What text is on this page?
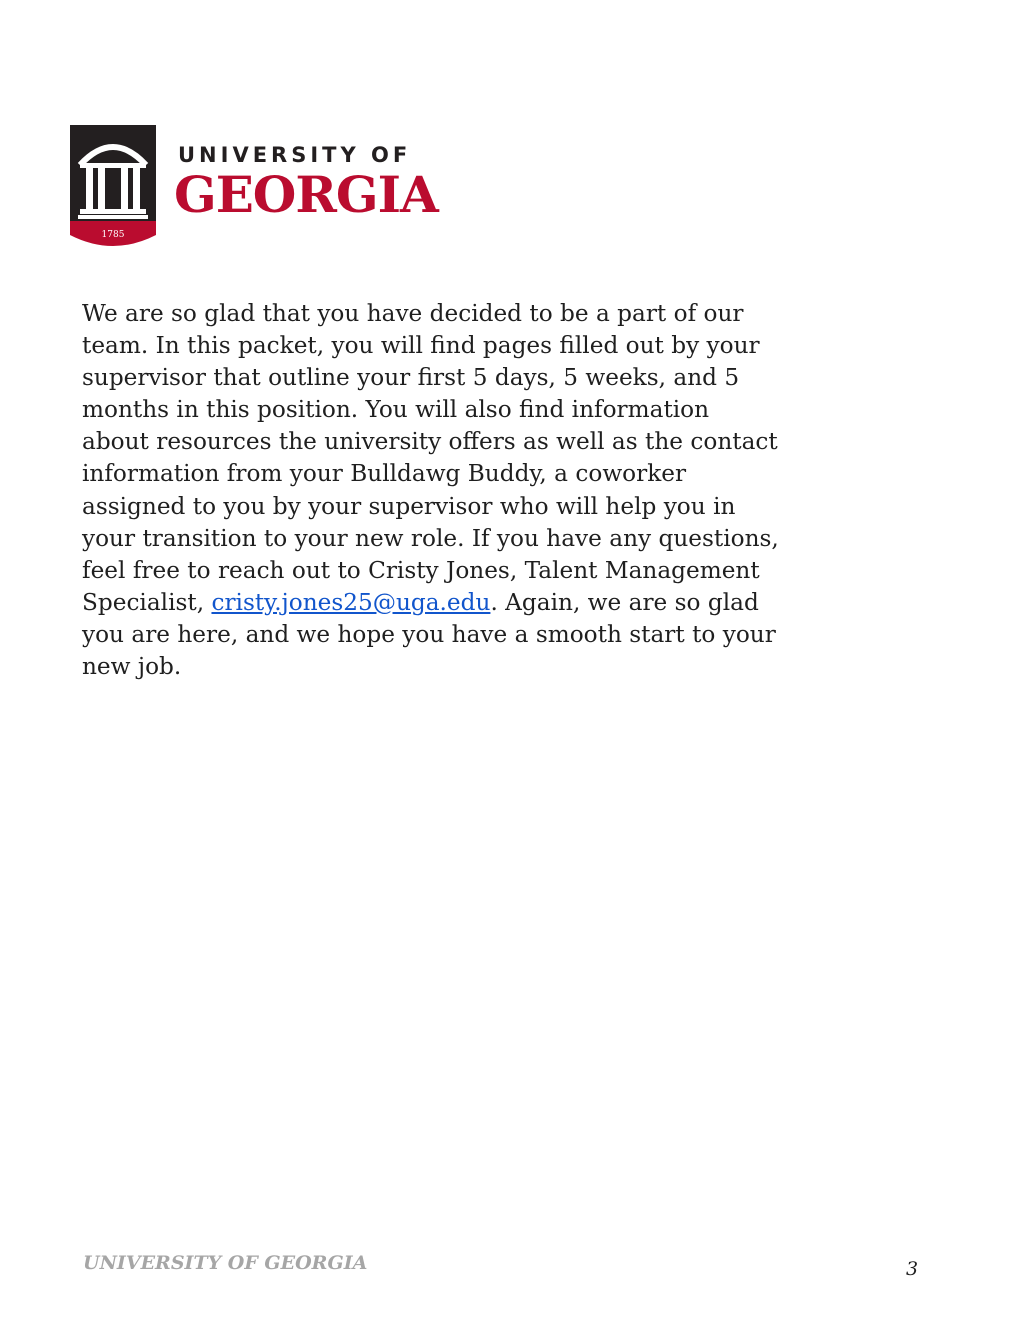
1785
UNIVERSITY OF
GEORGIA

We are so glad that you have decided to be a part of our team. In this packet, you will find pages filled out by your supervisor that outline your first 5 days, 5 weeks, and 5 months in this position. You will also find information about resources the university offers as well as the contact information from your Bulldawg Buddy, a coworker assigned to you by your supervisor who will help you in your transition to your new role. If you have any questions, feel free to reach out to Cristy Jones, Talent Management Specialist, cristy.jones25@uga.edu. Again, we are so glad you are here, and we hope you have a smooth start to your new job.

UNIVERSITY OF GEORGIA	3
